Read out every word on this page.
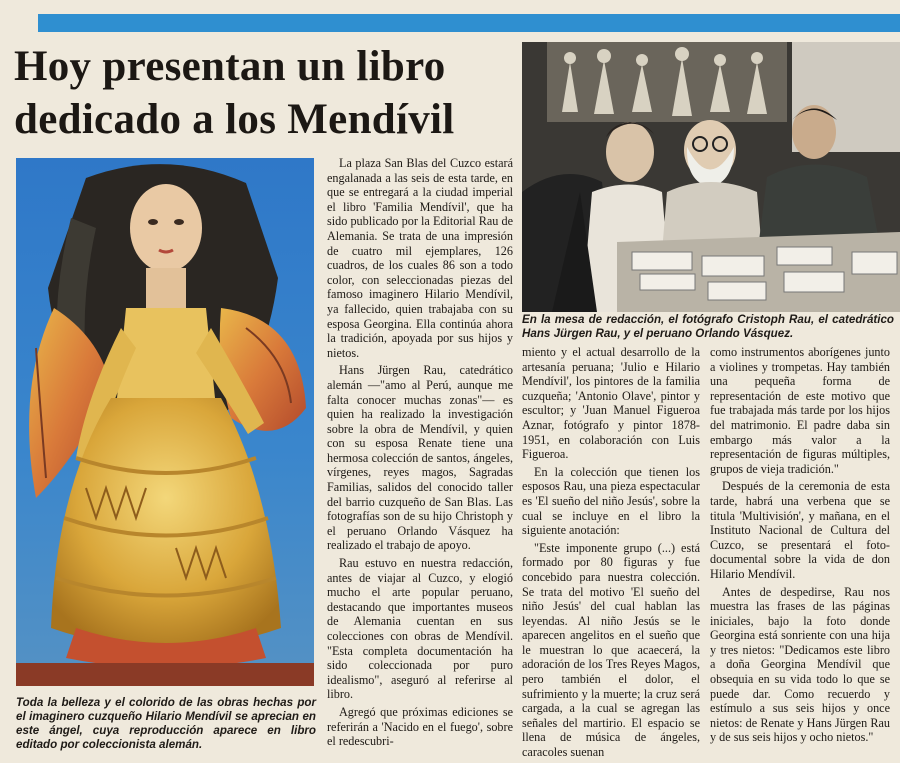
Hoy presentan un libro
dedicado a los Mendívil

En la mesa de redacción, el fotógrafo Cristoph Rau, el catedrático Hans Jürgen Rau, y el peruano Orlando Vásquez.

La plaza San Blas del Cuzco estará engalanada a las seis de esta tarde, en que se entregará a la ciudad imperial el libro 'Familia Mendívil', que ha sido publicado por la Editorial Rau de Alemania. Se trata de una impresión de cuatro mil ejemplares, 126 cuadros, de los cuales 86 son a todo color, con seleccionadas piezas del famoso imaginero Hilario Mendívil, ya fallecido, quien trabajaba con su esposa Georgina. Ella continúa ahora la tradición, apoyada por sus hijos y nietos.

Hans Jürgen Rau, catedrático alemán —"amo al Perú, aunque me falta conocer muchas zonas"— es quien ha realizado la investigación sobre la obra de Mendívil, y quien con su esposa Renate tiene una hermosa colección de santos, ángeles, vírgenes, reyes magos, Sagradas Familias, salidos del conocido taller del barrio cuzqueño de San Blas. Las fotografías son de su hijo Christoph y el peruano Orlando Vásquez ha realizado el trabajo de apoyo.

Rau estuvo en nuestra redacción, antes de viajar al Cuzco, y elogió mucho el arte popular peruano, destacando que importantes museos de Alemania cuentan en sus colecciones con obras de Mendívil. "Esta completa documentación ha sido coleccionada por puro idealismo", aseguró al referirse al libro.

Agregó que próximas ediciones se referirán a 'Nacido en el fuego', sobre el redescubri-

miento y el actual desarrollo de la artesanía peruana; 'Julio e Hilario Mendívil', los pintores de la familia cuzqueña; 'Antonio Olave', pintor y escultor; y 'Juan Manuel Figueroa Aznar, fotógrafo y pintor 1878-1951, en colaboración con Luis Figueroa.

En la colección que tienen los esposos Rau, una pieza espectacular es 'El sueño del niño Jesús', sobre la cual se incluye en el libro la siguiente anotación:

"Este imponente grupo (...) está formado por 80 figuras y fue concebido para nuestra colección. Se trata del motivo 'El sueño del niño Jesús' del cual hablan las leyendas. Al niño Jesús se le aparecen angelitos en el sueño que le muestran lo que acaecerá, la adoración de los Tres Reyes Magos, pero también el dolor, el sufrimiento y la muerte; la cruz será cargada, a la cual se agregan las señales del martirio. El espacio se llena de música de ángeles, caracoles suenan

como instrumentos aborígenes junto a violines y trompetas. Hay también una pequeña forma de representación de este motivo que fue trabajada más tarde por los hijos del matrimonio. El padre daba sin embargo más valor a la representación de figuras múltiples, grupos de vieja tradición."

Después de la ceremonia de esta tarde, habrá una verbena que se titula 'Multivisión', y mañana, en el Instituto Nacional de Cultura del Cuzco, se presentará el foto-documental sobre la vida de don Hilario Mendívil.

Antes de despedirse, Rau nos muestra las frases de las páginas iniciales, bajo la foto donde Georgina está sonriente con una hija y tres nietos: "Dedicamos este libro a doña Georgina Mendívil que obsequia en su vida todo lo que se puede dar. Como recuerdo y estímulo a sus seis hijos y once nietos: de Renate y Hans Jürgen Rau y de sus seis hijos y ocho nietos."

Toda la belleza y el colorido de las obras hechas por el imaginero cuzqueño Hilario Mendívil se aprecian en este ángel, cuya reproducción aparece en libro editado por coleccionista alemán.
